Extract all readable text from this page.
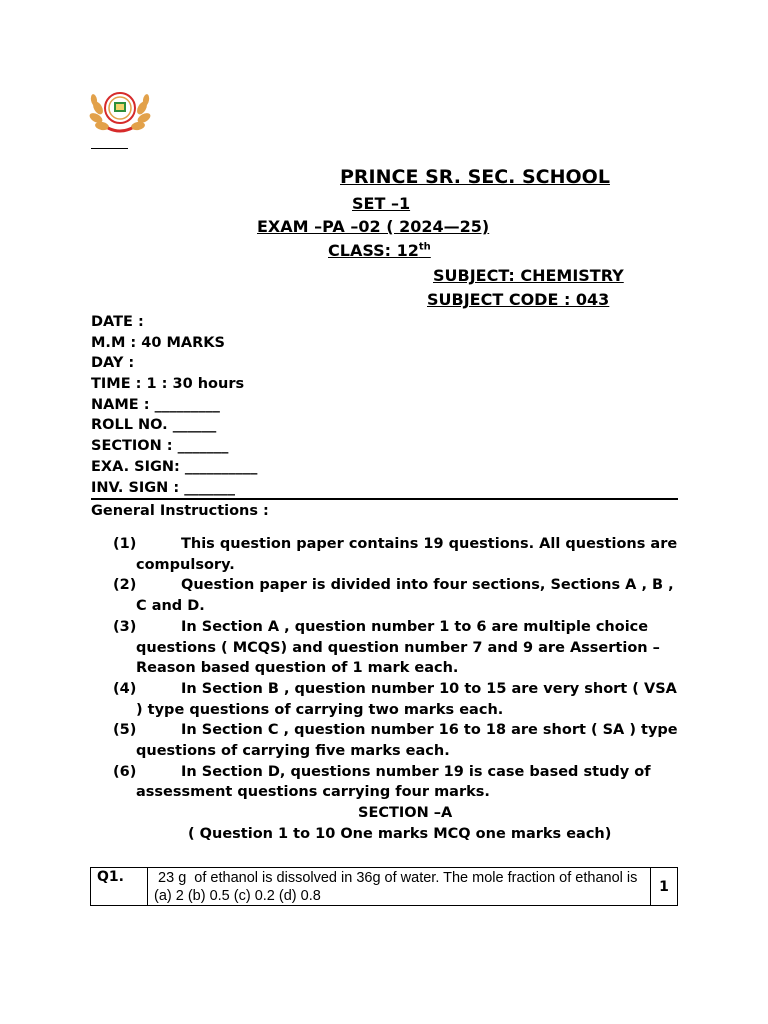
PRINCE SR. SEC. SCHOOL
SET –1
EXAM –PA –02 ( 2024—25)
CLASS: 12th
SUBJECT: CHEMISTRY
SUBJECT CODE : 043
DATE :
M.M : 40 MARKS
DAY :
TIME : 1 : 30 hours
NAME : _________
ROLL NO. ______
SECTION : _______
EXA. SIGN: __________
INV. SIGN : _______
General Instructions :
(1)	This question paper contains 19 questions. All questions are compulsory.
(2)	Question paper is divided into four sections, Sections A , B , C and D.
(3)	In Section A , question number 1 to 6 are multiple choice questions ( MCQS) and question number 7 and 9 are Assertion –Reason based question of 1 mark each.
(4)	In Section B , question number 10 to 15 are very short ( VSA ) type questions of carrying two marks each.
(5)	In Section C , question number 16 to 18 are short ( SA ) type questions of carrying five marks each.
(6)	In Section D, questions number 19 is case based study of assessment questions carrying four marks.
SECTION –A
( Question 1 to 10 One marks MCQ one marks each)
Q1.	23 g  of ethanol is dissolved in 36g of water. The mole fraction of ethanol is
(a) 2 (b) 0.5 (c) 0.2 (d) 0.8
	1
